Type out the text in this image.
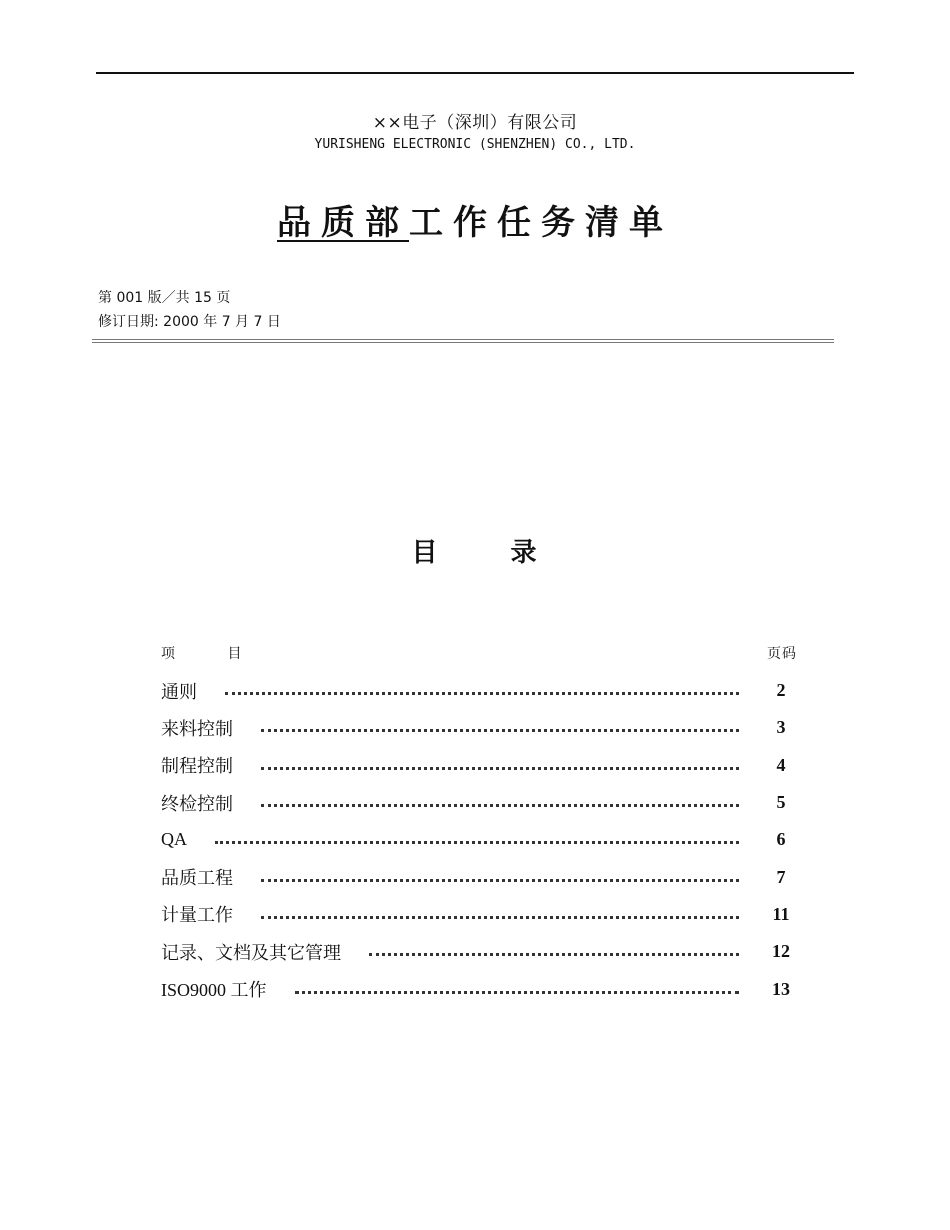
××电子（深圳）有限公司
YURISHENG ELECTRONIC (SHENZHEN) CO., LTD.
品质部工作任务清单
第 001 版／共 15 页
修订日期: 2000 年 7 月 7 日
目 录
项 目	页码
通则	2
来料控制	3
制程控制	4
终检控制	5
QA	6
品质工程	7
计量工作	11
记录、文档及其它管理	12
ISO9000 工作	13
